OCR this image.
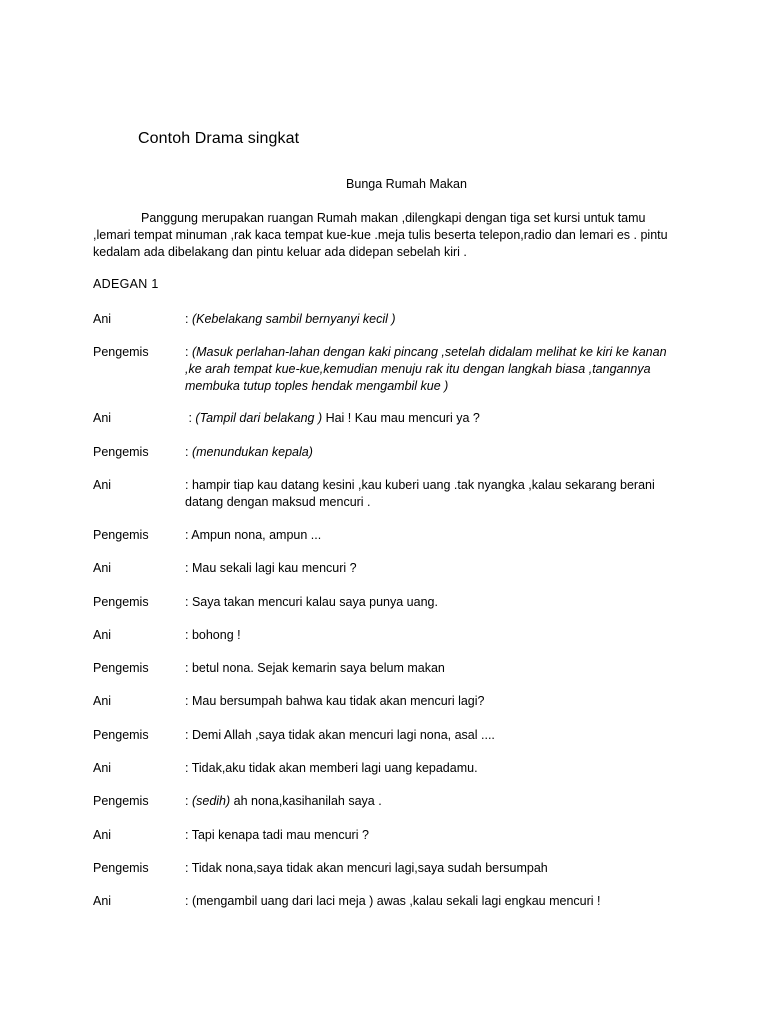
Contoh Drama singkat
Bunga Rumah Makan
Panggung merupakan ruangan Rumah makan ,dilengkapi dengan tiga set kursi untuk tamu ,lemari tempat minuman ,rak kaca tempat kue-kue .meja tulis beserta telepon,radio dan lemari es . pintu kedalam ada dibelakang dan pintu keluar ada didepan sebelah kiri .
ADEGAN 1
Ani	: (Kebelakang sambil bernyanyi kecil )
Pengemis	: (Masuk perlahan-lahan dengan kaki pincang ,setelah didalam melihat ke kiri ke kanan ,ke arah tempat kue-kue,kemudian menuju rak itu dengan langkah biasa ,tangannya membuka tutup toples hendak mengambil kue )
Ani	: (Tampil dari belakang ) Hai ! Kau mau mencuri ya ?
Pengemis	: (menundukan kepala)
Ani	: hampir tiap kau datang kesini ,kau kuberi uang .tak nyangka ,kalau sekarang berani datang dengan maksud mencuri .
Pengemis	: Ampun nona, ampun ...
Ani	: Mau sekali lagi kau mencuri ?
Pengemis	: Saya takan mencuri kalau saya punya uang.
Ani	: bohong !
Pengemis	: betul nona. Sejak kemarin saya belum makan
Ani	: Mau bersumpah bahwa kau tidak akan mencuri lagi?
Pengemis	: Demi Allah ,saya tidak akan mencuri lagi nona, asal ....
Ani	: Tidak,aku tidak akan memberi lagi uang kepadamu.
Pengemis	: (sedih) ah nona,kasihanilah saya .
Ani	: Tapi kenapa tadi mau mencuri ?
Pengemis	: Tidak nona,saya tidak akan mencuri lagi,saya sudah bersumpah
Ani	: (mengambil uang dari laci meja ) awas ,kalau sekali lagi engkau mencuri !
